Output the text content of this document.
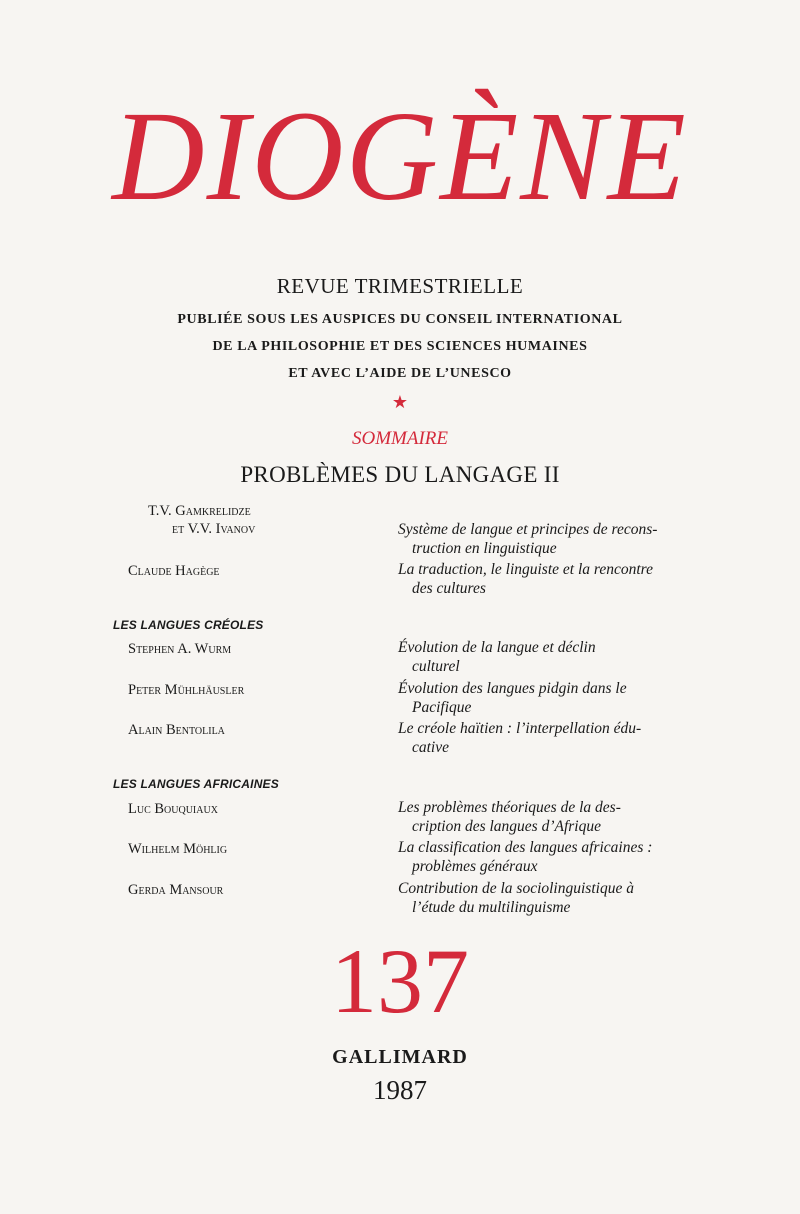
DIOGÈNE
REVUE TRIMESTRIELLE
PUBLIÉE SOUS LES AUSPICES DU CONSEIL INTERNATIONAL
DE LA PHILOSOPHIE ET DES SCIENCES HUMAINES
ET AVEC L’AIDE DE L’UNESCO
★
SOMMAIRE
PROBLÈMES DU LANGAGE II
T.V. Gamkrelidze
et V.V. Ivanov	Système de langue et principes de recons-
truction en linguistique
Claude Hagège	La traduction, le linguiste et la rencontre
des cultures
LES LANGUES CRÉOLES
Stephen A. Wurm	Évolution de la langue et déclin
culturel
Peter Mühlhäusler	Évolution des langues pidgin dans le
Pacifique
Alain Bentolila	Le créole haïtien : l’interpellation édu-
cative
LES LANGUES AFRICAINES
Luc Bouquiaux	Les problèmes théoriques de la des-
cription des langues d’Afrique
Wilhelm Möhlig	La classification des langues africaines :
problèmes généraux
Gerda Mansour	Contribution de la sociolinguistique à
l’étude du multilinguisme
137
GALLIMARD
1987
